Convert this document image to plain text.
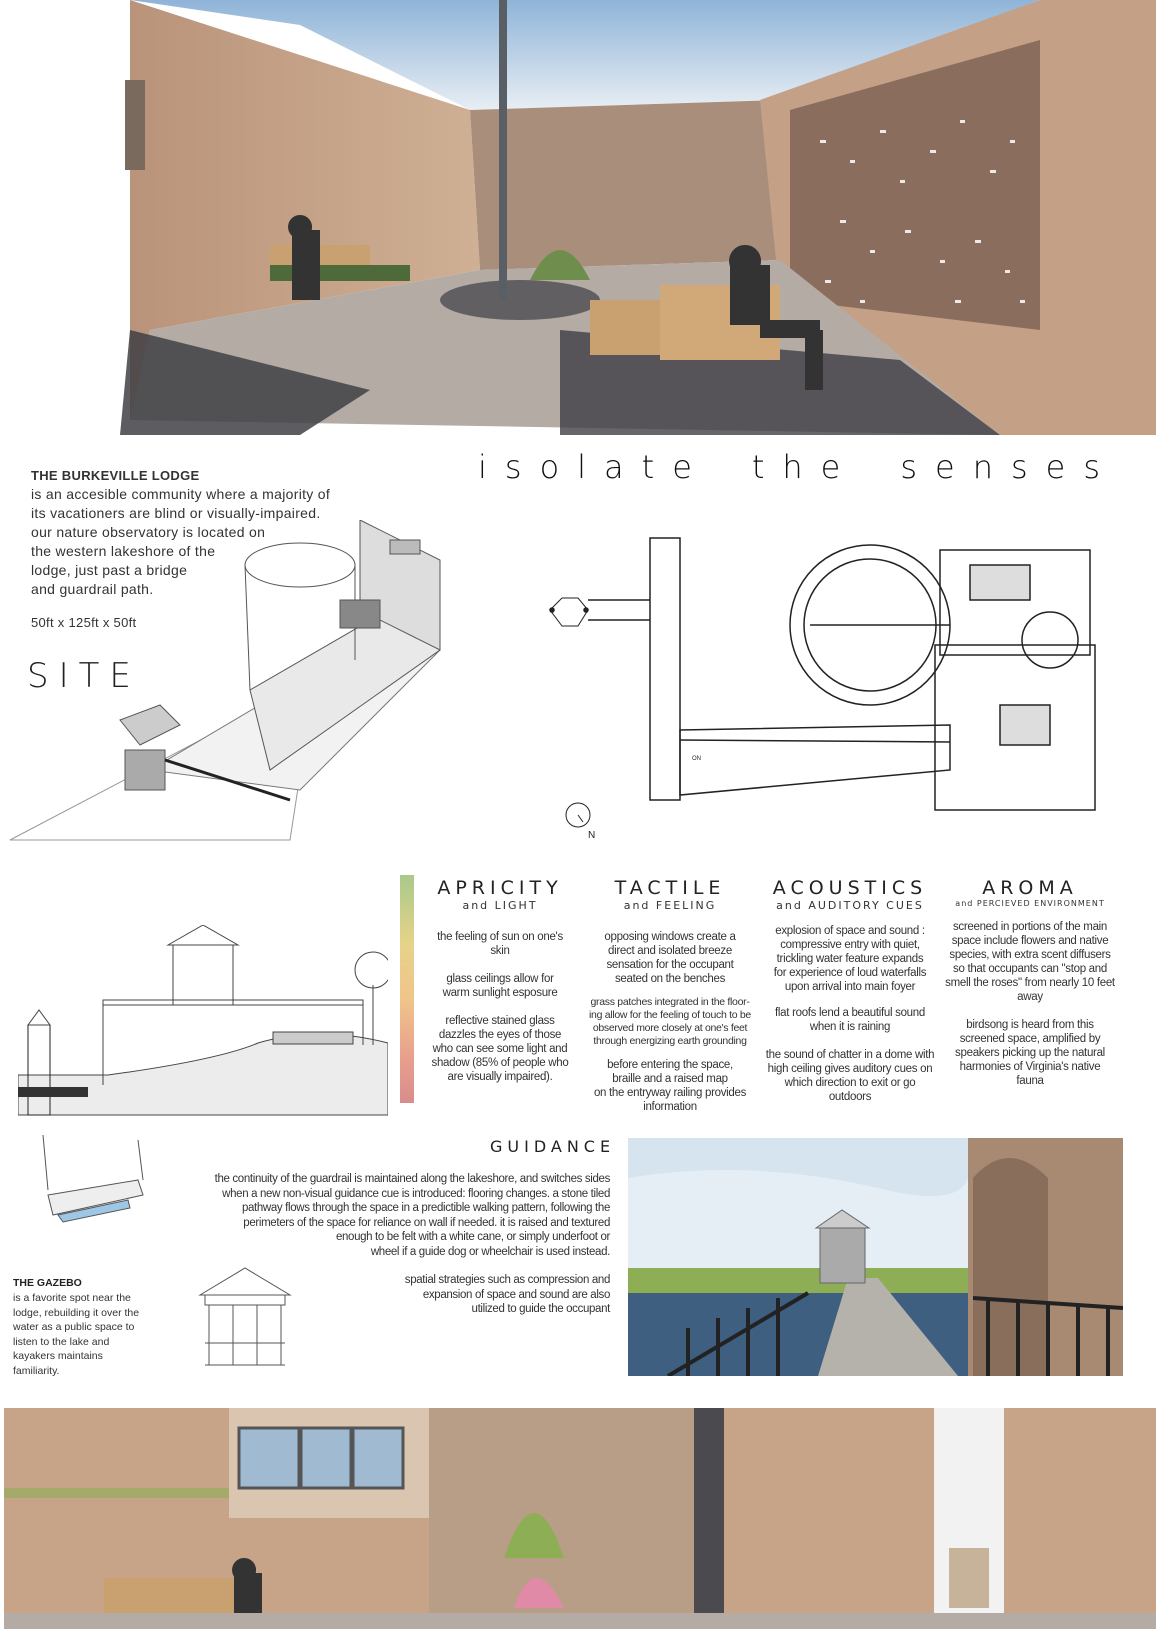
isolate the senses
THE BURKEVILLE LODGE
is an accesible community where a majority of
its vacationers are blind or visually-impaired.
our nature observatory is located on
the western lakeshore of the
lodge, just past a bridge
and guardrail path.
50ft x 125ft x 50ft
SITE
ON
N
APRICITY
and LIGHT
the feeling of sun on one's
skin
glass ceilings allow for
warm sunlight esposure
reflective stained glass
dazzles the eyes of those
who can see some light and
shadow (85% of people who
are visually impaired).
TACTILE
and FEELING
opposing windows create a
direct and isolated breeze
sensation for the occupant
seated on the benches
grass patches integrated in the floor-
ing allow for the feeling of touch to be
observed more closely at one's feet
through energizing earth grounding
before entering the space,
braille and a raised map
on the entryway railing provides
information
ACOUSTICS
and AUDITORY CUES
explosion of space and sound :
compressive entry with quiet,
trickling water feature expands
for experience of loud waterfalls
upon arrival into main foyer
flat roofs lend a beautiful sound
when it is raining
the sound of chatter in a dome with
high ceiling gives auditory cues on
which direction to exit or go
outdoors
AROMA
and PERCIEVED ENVIRONMENT
screened in portions of the main
space include flowers and native
species, with extra scent diffusers
so that occupants can "stop and
smell the roses" from nearly 10 feet
away
birdsong is heard from this
screened space, amplified by
speakers picking up the natural
harmonies of Virginia's native fauna
THE GAZEBO
is a favorite spot near the
lodge, rebuilding it over the
water as a public space to
listen to the lake and
kayakers maintains
familiarity.
GUIDANCE
the continuity of the guardrail is maintained along the lakeshore, and switches sides
when a new non-visual guidance cue is introduced: flooring changes. a stone tiled
pathway flows through the space in a predictible walking pattern, following the
perimeters of the space for reliance on wall if needed. it is raised and textured
enough to be felt with a white cane, or simply underfoot or
wheel if a guide dog or wheelchair is used instead.
spatial strategies such as compression and
expansion of space and sound are also
utilized to guide the occupant
